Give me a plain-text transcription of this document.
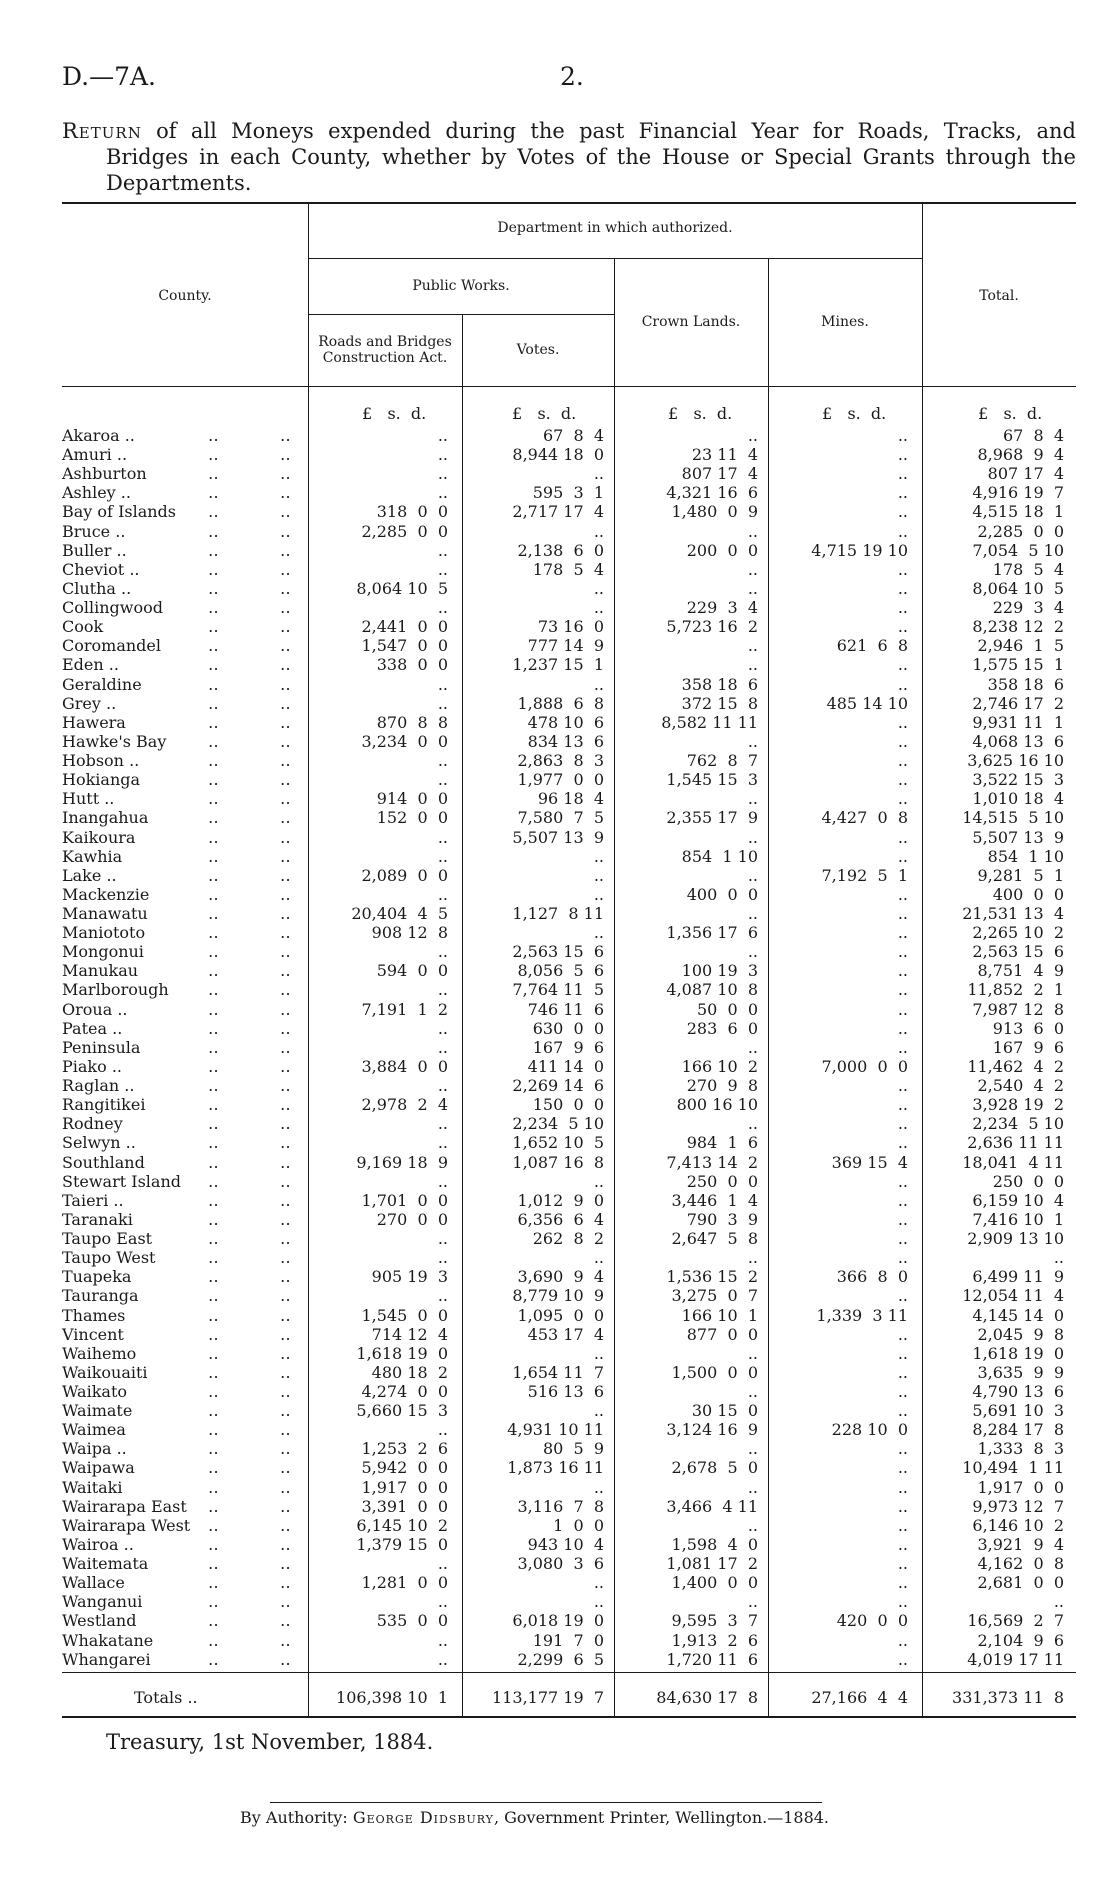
D.—7A.	2.
Return of all Moneys expended during the past Financial Year for Roads, Tracks, and
Bridges in each County, whether by Votes of the House or Special Grants through the
Departments.
County.
Department in which authorized.
Public Works.
Roads and Bridges Construction Act.	Votes.
Crown Lands.	Mines.
Total.
£   s.  d.	£   s.  d.	£   s.  d.	£   s.  d.	£   s.  d.
Akaroa ..	․․	․․	..	67  8  4	..	..	67  8  4
Amuri ..	․․	․․	..	8,944 18  0	23 11  4	..	8,968  9  4
Ashburton	․․	․․	..	..	807 17  4	..	807 17  4
Ashley ..	․․	․․	..	595  3  1	4,321 16  6	..	4,916 19  7
Bay of Islands ․․	․․	318  0  0	2,717 17  4	1,480  0  9	..	4,515 18  1
Bruce ..	․․	․․	2,285  0  0	..	..	..	2,285  0  0
Buller ..	․․	․․	..	2,138  6  0	200  0  0	4,715 19 10	7,054  5 10
Cheviot ..	․․	․․	..	178  5  4	..	..	178  5  4
Clutha ..	․․	․․	8,064 10  5	..	..	..	8,064 10  5
Collingwood	․․	․․	..	..	229  3  4	..	229  3  4
Cook	․․	․․	2,441  0  0	73 16  0	5,723 16  2	..	8,238 12  2
Coromandel	․․	․․	1,547  0  0	777 14  9	..	621  6  8	2,946  1  5
Eden ..	․․	․․	338  0  0	1,237 15  1	..	..	1,575 15  1
Geraldine	․․	․․	..	..	358 18  6	..	358 18  6
Grey ..	․․	․․	..	1,888  6  8	372 15  8	485 14 10	2,746 17  2
Hawera	․․	․․	870  8  8	478 10  6	8,582 11 11	..	9,931 11  1
Hawke's Bay	․․	․․	3,234  0  0	834 13  6	..	..	4,068 13  6
Hobson ..	․․	․․	..	2,863  8  3	762  8  7	..	3,625 16 10
Hokianga	․․	․․	..	1,977  0  0	1,545 15  3	..	3,522 15  3
Hutt ..	․․	․․	914  0  0	96 18  4	..	..	1,010 18  4
Inangahua	․․	․․	152  0  0	7,580  7  5	2,355 17  9	4,427  0  8	14,515  5 10
Kaikoura	․․	․․	..	5,507 13  9	..	..	5,507 13  9
Kawhia	․․	․․	..	..	854  1 10	..	854  1 10
Lake ..	․․	․․	2,089  0  0	..	..	7,192  5  1	9,281  5  1
Mackenzie	․․	․․	..	..	400  0  0	..	400  0  0
Manawatu	․․	․․	20,404  4  5	1,127  8 11	..	..	21,531 13  4
Maniototo	․․	․․	908 12  8	..	1,356 17  6	..	2,265 10  2
Mongonui	․․	․․	..	2,563 15  6	..	..	2,563 15  6
Manukau	․․	․․	594  0  0	8,056  5  6	100 19  3	..	8,751  4  9
Marlborough ․․	․․	..	7,764 11  5	4,087 10  8	..	11,852  2  1
Oroua ..	․․	․․	7,191  1  2	746 11  6	50  0  0	..	7,987 12  8
Patea ..	․․	․․	..	630  0  0	283  6  0	..	913  6  0
Peninsula	․․	․․	..	167  9  6	..	..	167  9  6
Piako ..	․․	․․	3,884  0  0	411 14  0	166 10  2	7,000  0  0	11,462  4  2
Raglan ..	․․	․․	..	2,269 14  6	270  9  8	..	2,540  4  2
Rangitikei	․․	․․	2,978  2  4	150  0  0	800 16 10	..	3,928 19  2
Rodney	․․	․․	..	2,234  5 10	..	..	2,234  5 10
Selwyn ..	․․	․․	..	1,652 10  5	984  1  6	..	2,636 11 11
Southland	․․	․․	9,169 18  9	1,087 16  8	7,413 14  2	369 15  4	18,041  4 11
Stewart Island ․․	․․	..	..	250  0  0	..	250  0  0
Taieri ..	․․	․․	1,701  0  0	1,012  9  0	3,446  1  4	..	6,159 10  4
Taranaki	․․	․․	270  0  0	6,356  6  4	790  3  9	..	7,416 10  1
Taupo East	․․	․․	..	262  8  2	2,647  5  8	..	2,909 13 10
Taupo West	․․	․․	..	..	..	..	..
Tuapeka	․․	․․	905 19  3	3,690  9  4	1,536 15  2	366  8  0	6,499 11  9
Tauranga	․․	․․	..	8,779 10  9	3,275  0  7	..	12,054 11  4
Thames	․․	․․	1,545  0  0	1,095  0  0	166 10  1	1,339  3 11	4,145 14  0
Vincent	․․	․․	714 12  4	453 17  4	877  0  0	..	2,045  9  8
Waihemo	․․	․․	1,618 19  0	..	..	..	1,618 19  0
Waikouaiti	․․	․․	480 18  2	1,654 11  7	1,500  0  0	..	3,635  9  9
Waikato	․․	․․	4,274  0  0	516 13  6	..	..	4,790 13  6
Waimate	․․	․․	5,660 15  3	..	30 15  0	..	5,691 10  3
Waimea	․․	․․	..	4,931 10 11	3,124 16  9	228 10  0	8,284 17  8
Waipa ..	․․	․․	1,253  2  6	80  5  9	..	..	1,333  8  3
Waipawa	․․	․․	5,942  0  0	1,873 16 11	2,678  5  0	..	10,494  1 11
Waitaki	․․	․․	1,917  0  0	..	..	..	1,917  0  0
Wairarapa East ․․	․․	3,391  0  0	3,116  7  8	3,466  4 11	..	9,973 12  7
Wairarapa West ․․	․․	6,145 10  2	1  0  0	..	..	6,146 10  2
Wairoa ..	․․	․․	1,379 15  0	943 10  4	1,598  4  0	..	3,921  9  4
Waitemata	․․	․․	..	3,080  3  6	1,081 17  2	..	4,162  0  8
Wallace	․․	․․	1,281  0  0	..	1,400  0  0	..	2,681  0  0
Wanganui	․․	․․	..	..	..	..	..
Westland	․․	․․	535  0  0	6,018 19  0	9,595  3  7	420  0  0	16,569  2  7
Whakatane	․․	․․	..	191  7  0	1,913  2  6	..	2,104  9  6
Whangarei	․․	․․	..	2,299  6  5	1,720 11  6	..	4,019 17 11
Totals ..	106,398 10  1	113,177 19  7	84,630 17  8	27,166  4  4	331,373 11  8
Treasury, 1st November, 1884.
By Authority: George Didsbury, Government Printer, Wellington.—1884.
